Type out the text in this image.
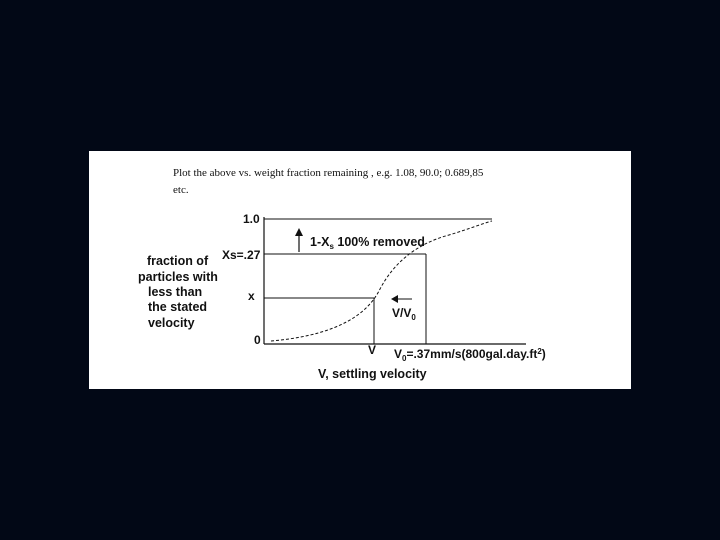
Plot the above vs. weight fraction remaining , e.g. 1.08, 90.0; 0.689,85
etc.
fraction of particles with less than the stated velocity
1.0
Xs=.27
x
0
$1-X_s$ 100% removed
$V/V_0$
V $V_0=.37mm/s(800gal.day.ft^2)$
V, settling velocity
